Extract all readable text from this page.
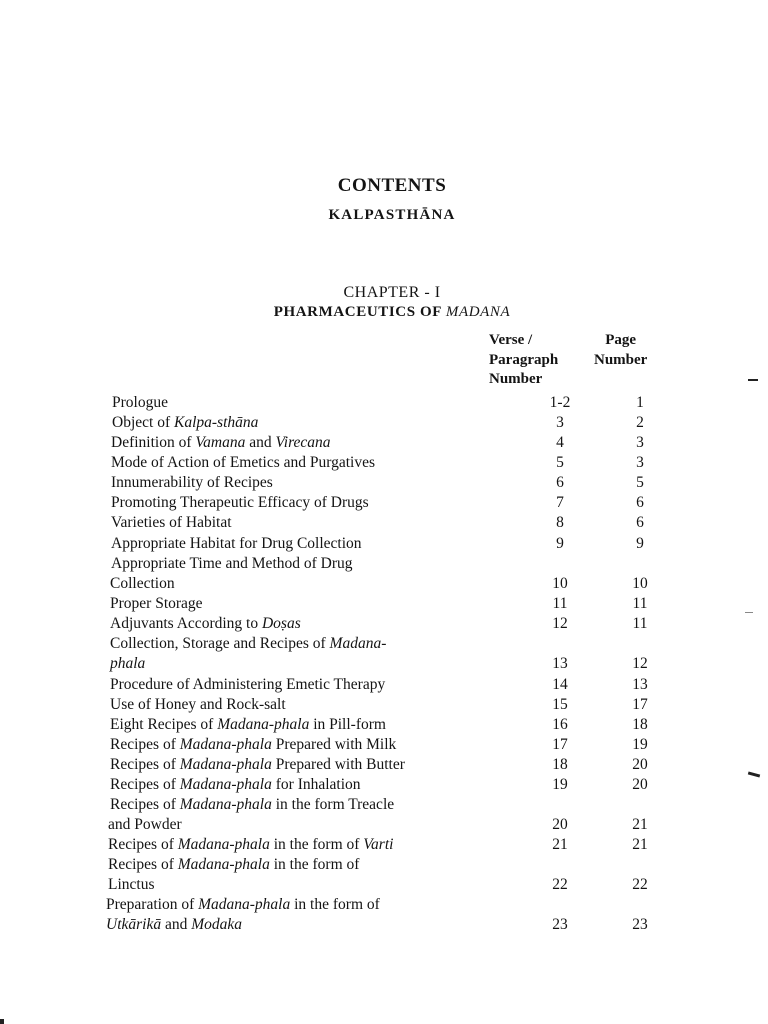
CONTENTS
KALPASTHĀNA
CHAPTER - I
PHARMACEUTICS OF MADANA
Verse /
Paragraph
Number
Page
Number
Prologue	1-2	1
Object of Kalpa-sthāna	3	2
Definition of Vamana and Virecana	4	3
Mode of Action of Emetics and Purgatives	5	3
Innumerability of Recipes	6	5
Promoting Therapeutic Efficacy of Drugs	7	6
Varieties of Habitat	8	6
Appropriate Habitat for Drug Collection	9	9
Appropriate Time and Method of Drug
Collection	10	10
Proper Storage	11	11
Adjuvants According to Doṣas	12	11
Collection, Storage and Recipes of Madana-
phala	13	12
Procedure of Administering Emetic Therapy	14	13
Use of Honey and Rock-salt	15	17
Eight Recipes of Madana-phala in Pill-form	16	18
Recipes of Madana-phala Prepared with Milk	17	19
Recipes of Madana-phala Prepared with Butter	18	20
Recipes of Madana-phala for Inhalation	19	20
Recipes of Madana-phala in the form Treacle
and Powder	20	21
Recipes of Madana-phala in the form of Varti	21	21
Recipes of Madana-phala in the form of
Linctus	22	22
Preparation of Madana-phala in the form of
Utkārikā and Modaka	23	23
